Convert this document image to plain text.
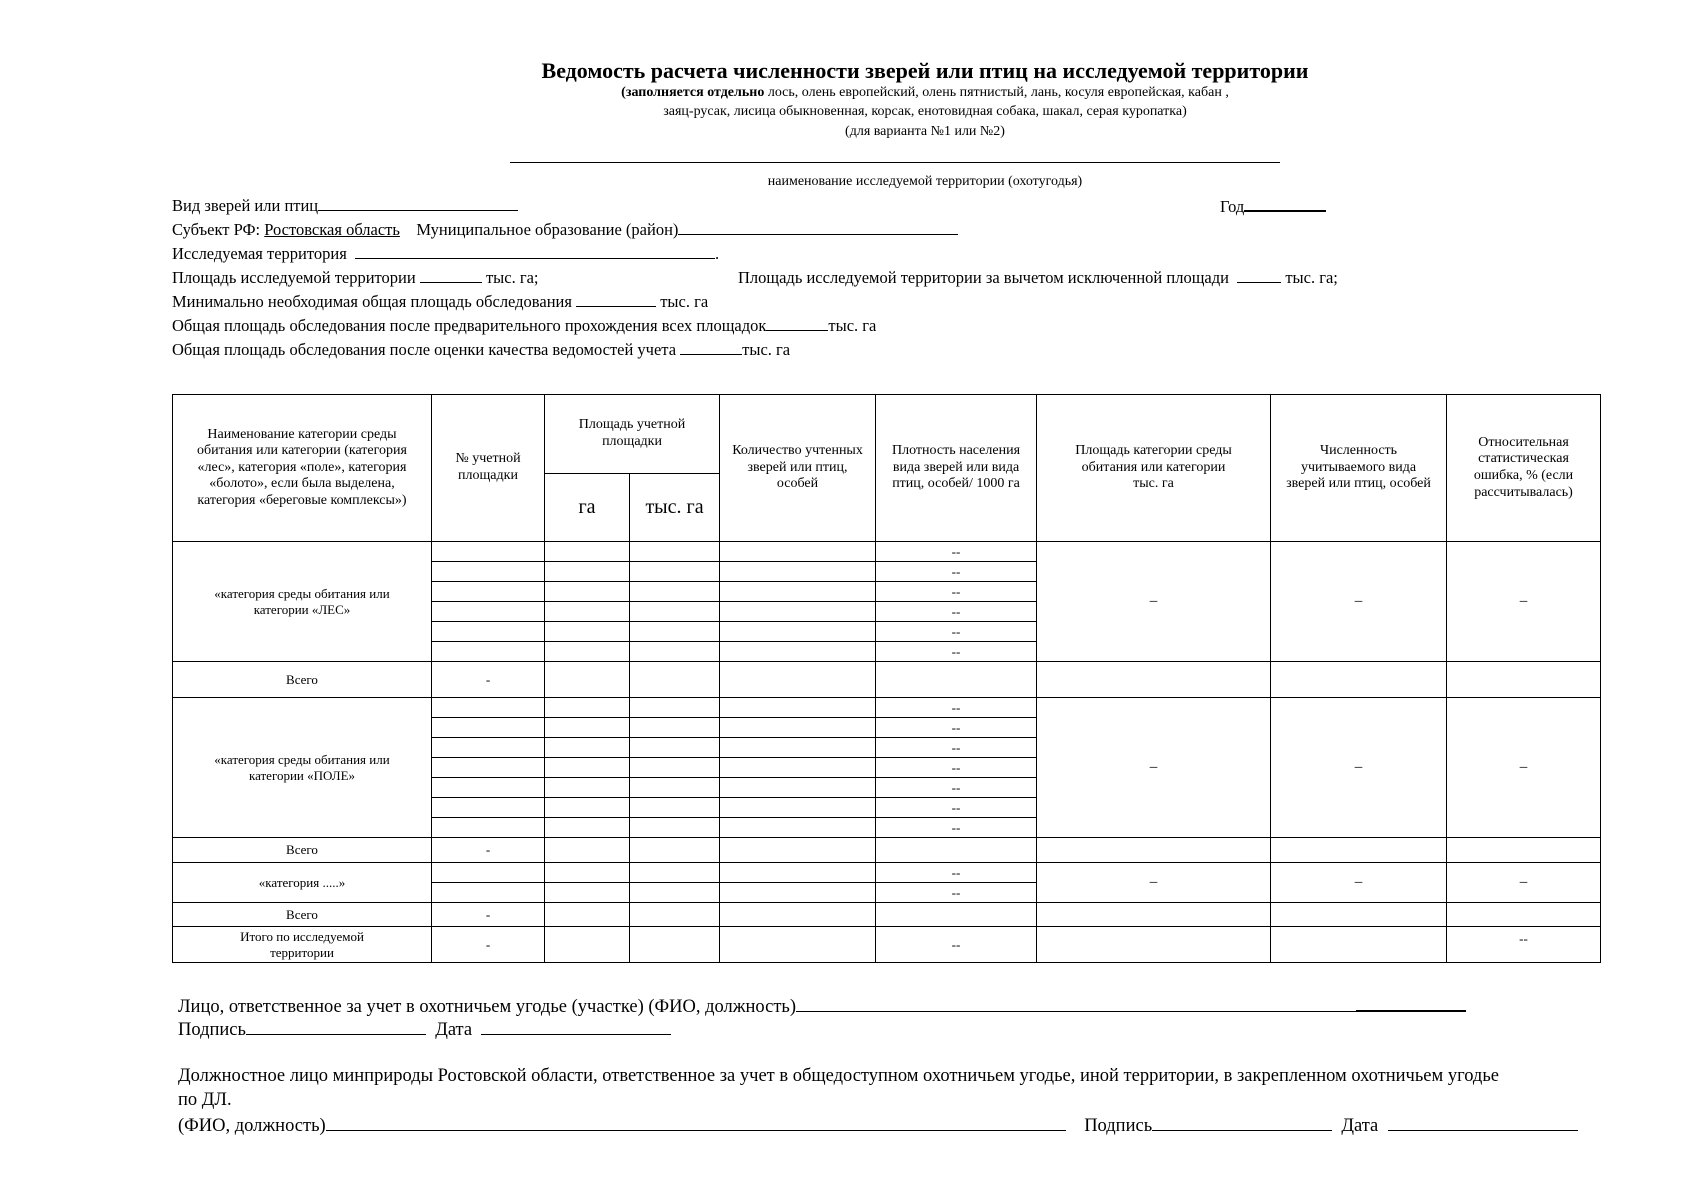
Ведомость расчета численности зверей или птиц на исследуемой территории
(заполняется отдельно лось, олень европейский, олень пятнистый, лань, косуля европейская, кабан ,
заяц-русак, лисица обыкновенная, корсак, енотовидная собака, шакал, серая куропатка)
(для варианта №1 или №2)
наименование исследуемой территории (охотугодья)
Вид зверей или птиц	Год
Субъект РФ: Ростовская область Муниципальное образование (район)
Исследуемая территория	.
Площадь исследуемой территории	тыс. га;	Площадь исследуемой территории за вычетом исключенной площади	тыс. га;
Минимально необходимая общая площадь обследования	тыс. га
Общая площадь обследования после предварительного прохождения всех площадок	тыс. га
Общая площадь обследования после оценки качества ведомостей учета	тыс. га
Наименование категории среды обитания или категории (категория «лес», категория «поле», категория «болото», если была выделена, категория «береговые комплексы»)	№ учетной площадки	Площадь учетной площадки		Количество учтенных зверей или птиц, особей	Плотность населения вида зверей или вида птиц, особей/ 1000 га	Площадь категории среды обитания или категории тыс. га	Численность учитываемого вида зверей или птиц, особей	Относительная статистическая ошибка, % (если рассчитывалась)
		га	тыс. га					
«категория среды обитания или категории «ЛЕС»					--	–	–	–
					--			
					--			
					--			
					--			
					--			
Всего	-							
«категория среды обитания или категории «ПОЛЕ»					--	–	–	–
					--			
					--			
					--			
					--			
					--			
					--			
Всего	-							
«категория .....»					--	–	–	–
					--			
Всего	-							
Итого по исследуемой территории	-				--			--
Лицо, ответственное за учет в охотничьем угодье (участке) (ФИО, должность)
Подпись	Дата
Должностное лицо минприроды Ростовской области, ответственное за учет в общедоступном охотничьем угодье, иной территории, в закрепленном охотничьем угодье
по ДЛ.
(ФИО, должность)	Подпись	Дата
